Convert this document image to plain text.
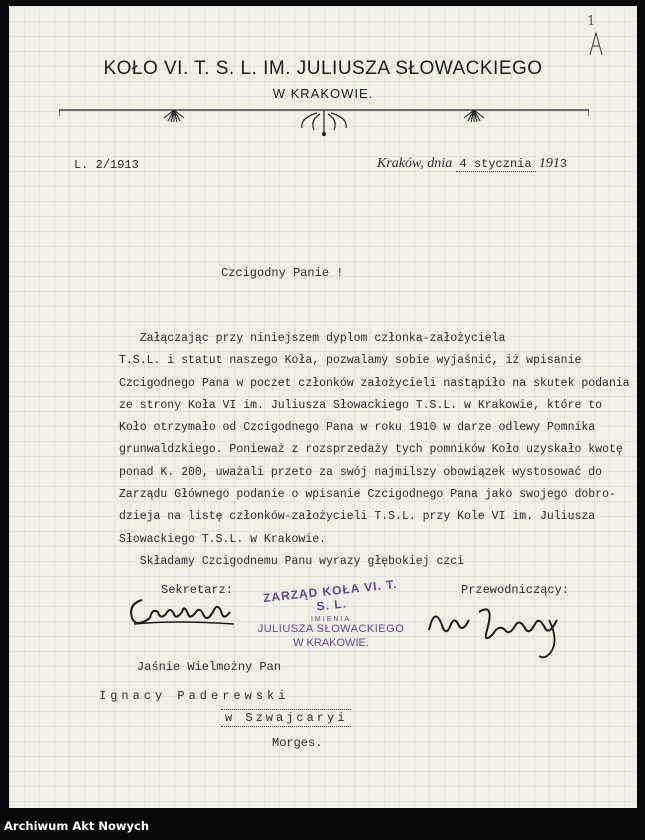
1
KOŁO VI. T. S. L. IM. JULIUSZA SŁOWACKIEGO
W KRAKOWIE.
L. 2/1913	Kraków, dnia 4 stycznia 1913
Czcigodny Panie !
Załączając przy niniejszem dyplom członka-założyciela
T.S.L. i statut naszego Koła, pozwalamy sobie wyjaśnić, iż wpisanie
Czcigodnego Pana w poczet członków założycieli nastąpiło na skutek podania
ze strony Koła VI im. Juliusza Słowackiego T.S.L. w Krakowie, które to
Koło otrzymało od Czcigodnego Pana w roku 1910 w darze odlewy Pomnika
grunwaldzkiego. Ponieważ z rozsprzedaży tych pomników Koło uzyskało kwotę
ponad K. 200, uważali przeto za swój najmilszy obowiązek wystosować do
Zarządu Głównego podanie o wpisanie Czcigodnego Pana jako swojego dobro-
dzieja na listę członków-założycieli T.S.L. przy Kole VI im. Juliusza
Słowackiego T.S.L. w Krakowie.
Składamy Czcigodnemu Panu wyrazy głębokiej czci
Sekretarz:	Przewodniczący:
ZARZĄD KOŁA VI. T. S. L.
IMIENIA
JULIUSZA SŁOWACKIEGO
W KRAKOWIE.
Jaśnie Wielmożny Pan
Ignacy Paderewski
w Szwajcaryi
Morges.
Archiwum Akt Nowych
